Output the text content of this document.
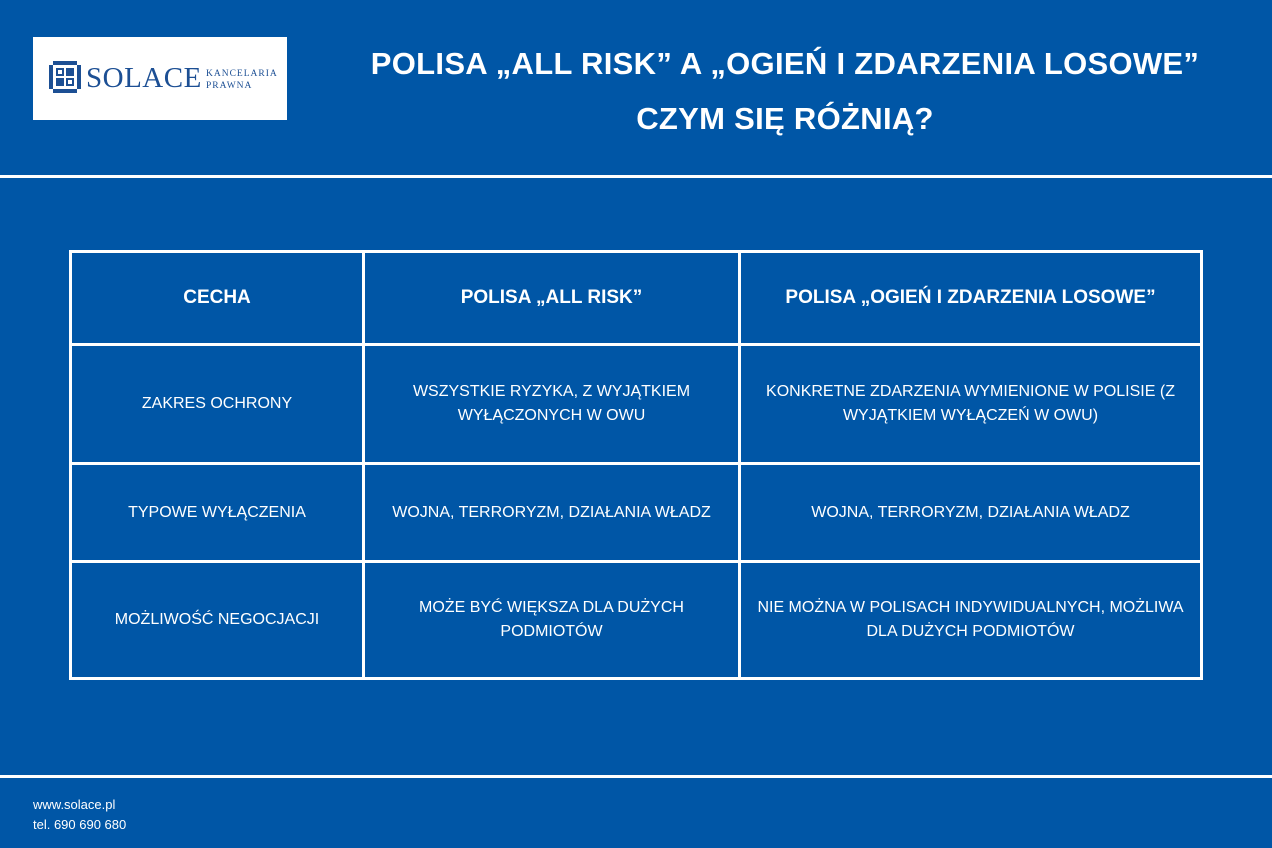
SOLACE KANCELARIA
PRAWNA
POLISA „ALL RISK” A „OGIEŃ I ZDARZENIA LOSOWE”
CZYM SIĘ RÓŻNIĄ?
CECHA	POLISA „ALL RISK”	POLISA „OGIEŃ I ZDARZENIA LOSOWE”
ZAKRES OCHRONY	WSZYSTKIE RYZYKA, Z WYJĄTKIEM WYŁĄCZONYCH W OWU	KONKRETNE ZDARZENIA WYMIENIONE W POLISIE (Z WYJĄTKIEM WYŁĄCZEŃ W OWU)
TYPOWE WYŁĄCZENIA	WOJNA, TERRORYZM, DZIAŁANIA WŁADZ	WOJNA, TERRORYZM, DZIAŁANIA WŁADZ
MOŻLIWOŚĆ NEGOCJACJI	MOŻE BYĆ WIĘKSZA DLA DUŻYCH PODMIOTÓW	NIE MOŻNA W POLISACH INDYWIDUALNYCH, MOŻLIWA DLA DUŻYCH PODMIOTÓW
www.solace.pl
tel. 690 690 680
